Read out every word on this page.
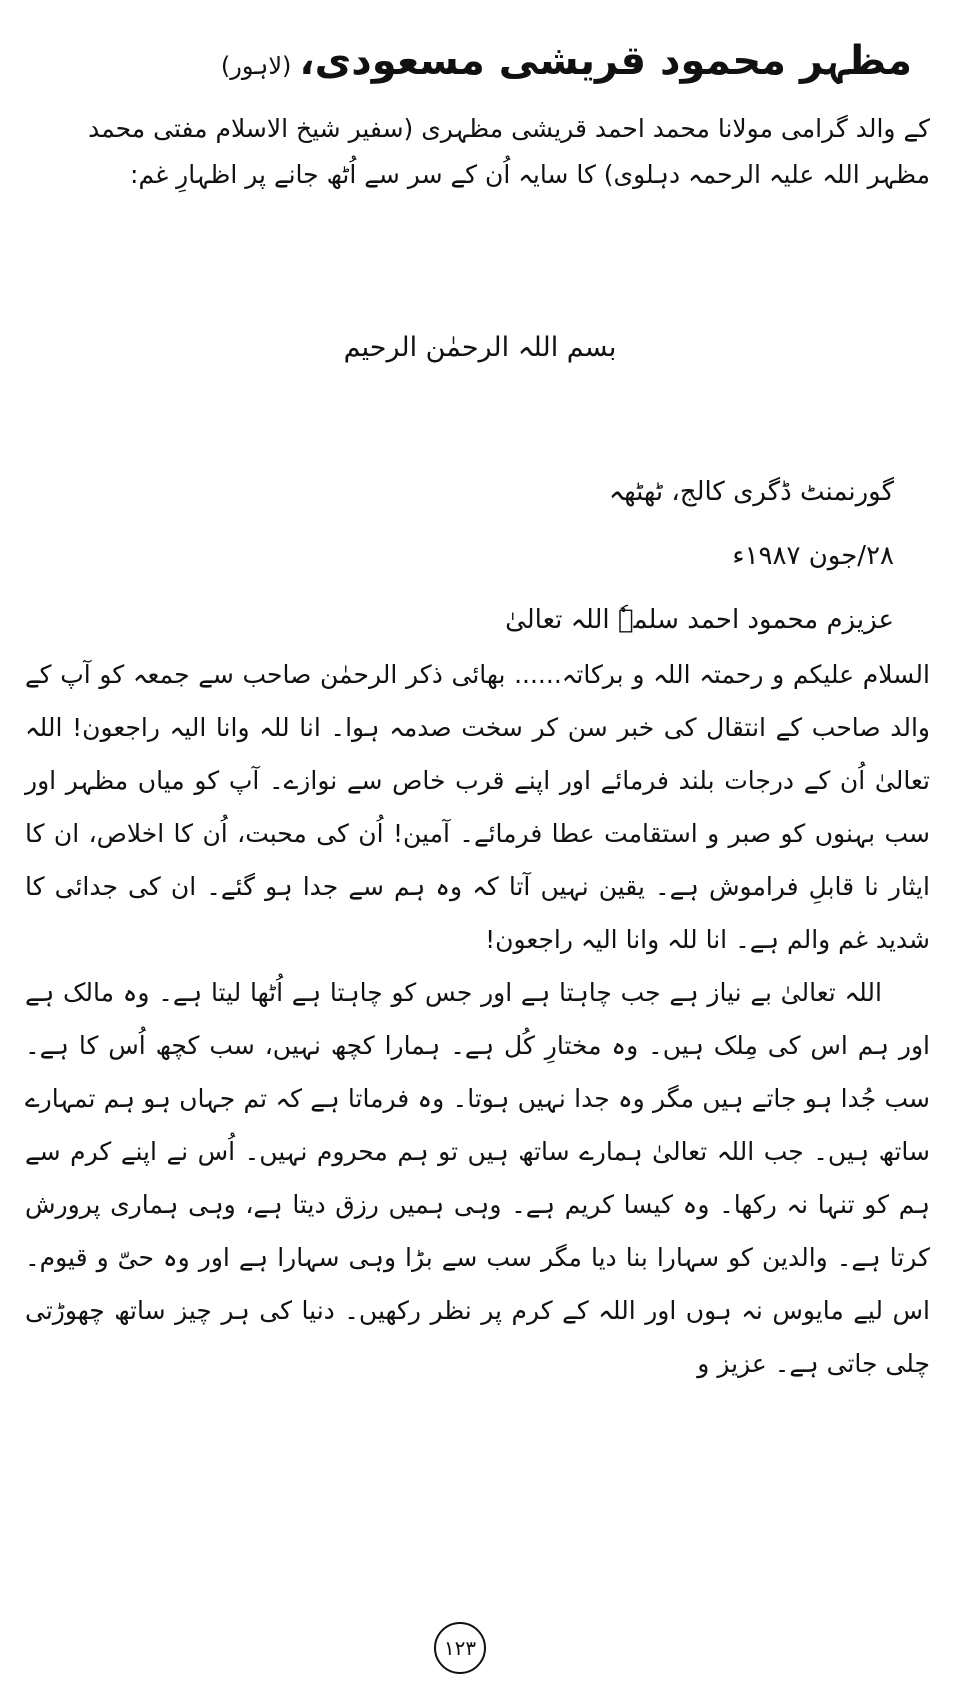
مظہر محمود قریشی مسعودی،(لاہور)
کے والد گرامی مولانا محمد احمد قریشی مظہری (سفیر شیخ الاسلام مفتی محمد مظہر اللہ علیہ الرحمہ دہلوی) کا سایہ اُن کے سر سے اُٹھ جانے پر اظہارِ غم:
بسم اللہ الرحمٰن الرحیم
گورنمنٹ ڈگری کالج، ٹھٹھہ
۲۸/جون ۱۹۸۷ء
عزیزم محمود احمد سلمہٗ اللہ تعالیٰ

السلام علیکم و رحمتہ اللہ و برکاتہ...... بھائی ذکر الرحمٰن صاحب سے جمعہ کو آپ کے والد صاحب کے انتقال کی خبر سن کر سخت صدمہ ہوا۔ انا للہ وانا الیہ راجعون! اللہ تعالیٰ اُن کے درجات بلند فرمائے اور اپنے قرب خاص سے نوازے۔ آپ کو میاں مظہر اور سب بہنوں کو صبر و استقامت عطا فرمائے۔ آمین! اُن کی محبت، اُن کا اخلاص، ان کا ایثار نا قابلِ فراموش ہے۔ یقین نہیں آتا کہ وہ ہم سے جدا ہو گئے۔ ان کی جدائی کا شدید غم والم ہے۔ انا للہ وانا الیہ راجعون!

اللہ تعالیٰ بے نیاز ہے جب چاہتا ہے اور جس کو چاہتا ہے اُٹھا لیتا ہے۔ وہ مالک ہے اور ہم اس کی مِلک ہیں۔ وہ مختارِ کُل ہے۔ ہمارا کچھ نہیں، سب کچھ اُس کا ہے۔ سب جُدا ہو جاتے ہیں مگر وہ جدا نہیں ہوتا۔ وہ فرماتا ہے کہ تم جہاں ہو ہم تمہارے ساتھ ہیں۔ جب اللہ تعالیٰ ہمارے ساتھ ہیں تو ہم محروم نہیں۔ اُس نے اپنے کرم سے ہم کو تنہا نہ رکھا۔ وہ کیسا کریم ہے۔ وہی ہمیں رزق دیتا ہے، وہی ہماری پرورش کرتا ہے۔ والدین کو سہارا بنا دیا مگر سب سے بڑا وہی سہارا ہے اور وہ حیّ و قیوم۔ اس لیے مایوس نہ ہوں اور اللہ کے کرم پر نظر رکھیں۔ دنیا کی ہر چیز ساتھ چھوڑتی چلی جاتی ہے۔ عزیز و

۱۲۳
